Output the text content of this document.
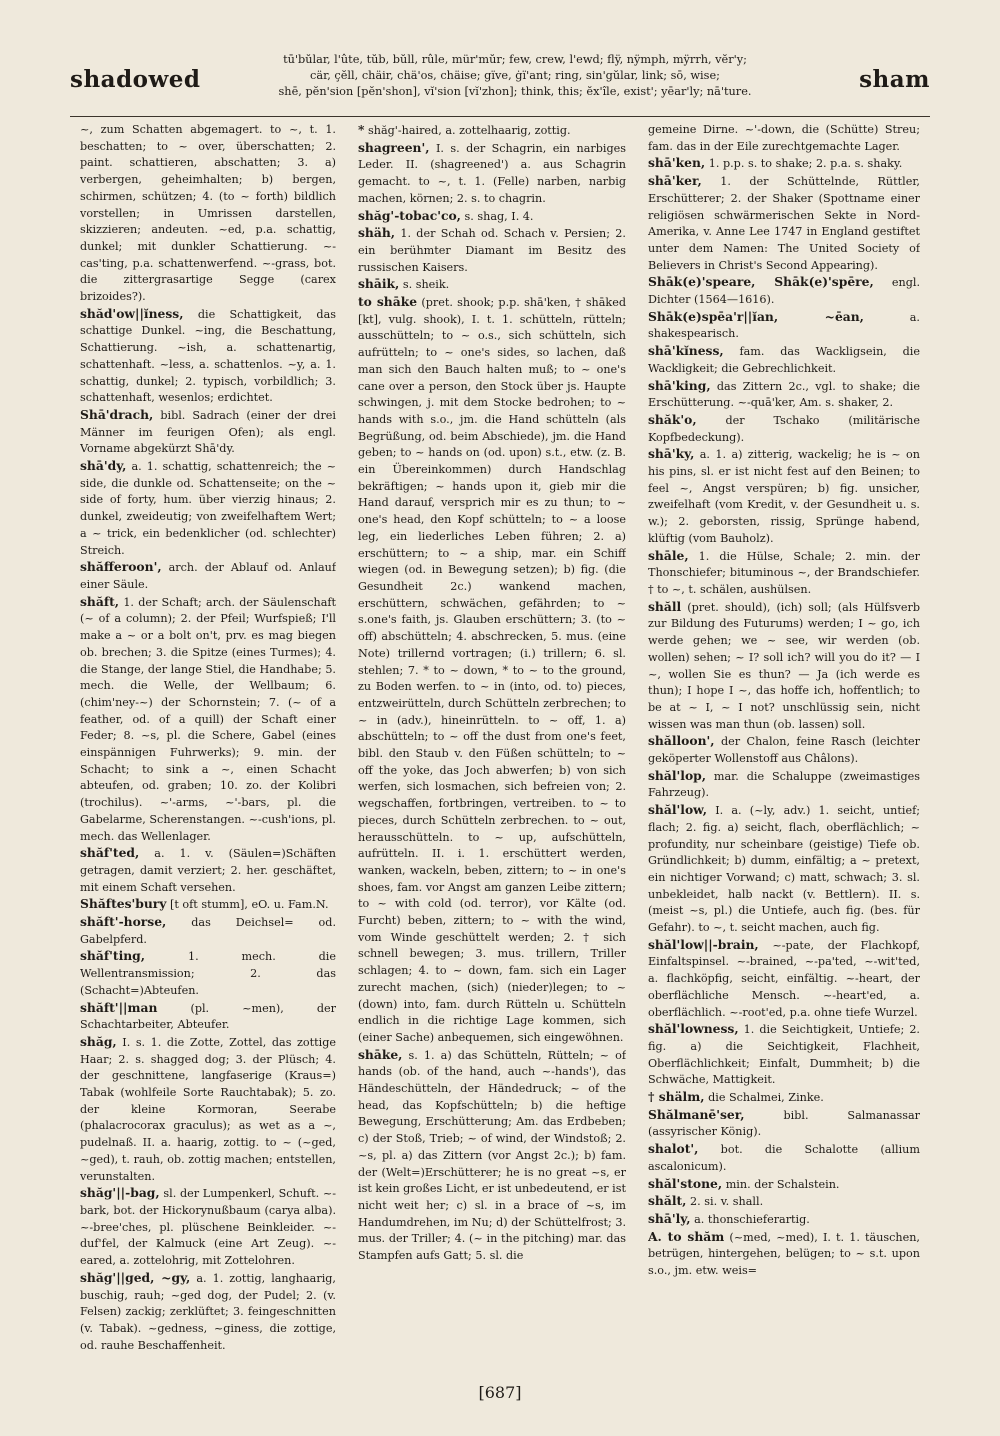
shadowed
tū'bŭlar, l'ûte, tŭb, bŭll, rûle, mür'mŭr; few, crew, l'ewd; flÿ, nÿmph, mÿrrh, vĕr'y;
cär, çĕll, chäir, chä'os, chäise; gïve, ġï'ant; ring, sin'gŭlar, link; sō, wise;
shē, pĕn'sion [pĕn'shon], vĭ'sion [vĭ'zhon]; think, this; ĕx'île, exist'; yēar'ly; nā'ture.	sham

~, zum Schatten abgemagert. to ~, t. 1. beschatten; to ~ over, überschatten; 2. paint. schattieren, abschatten; 3. a) verbergen, geheimhalten; b) bergen, schirmen, schützen; 4. (to ~ forth) bildlich vorstellen; in Umrissen darstellen, skizzieren; andeuten. ~ed, p.a. schattig, dunkel; mit dunkler Schattierung. ~-cas'ting, p.a. schattenwerfend. ~-grass, bot. die zittergrasartige Segge (carex brizoides?).

shăd'ow||ĭness, die Schattigkeit, das schattige Dunkel. ~ing, die Beschattung, Schattierung. ~ish, a. schattenartig, schattenhaft. ~less, a. schattenlos. ~y, a. 1. schattig, dunkel; 2. typisch, vorbildlich; 3. schattenhaft, wesenlos; erdichtet.

Shā'drach, bibl. Sadrach (einer der drei Männer im feurigen Ofen); als engl. Vorname abgekürzt Shā'dy.

shā'dy, a. 1. schattig, schattenreich; the ~ side, die dunkle od. Schattenseite; on the ~ side of forty, hum. über vierzig hinaus; 2. dunkel, zweideutig; von zweifelhaftem Wert; a ~ trick, ein bedenklicher (od. schlechter) Streich.

shăfferoon', arch. der Ablauf od. Anlauf einer Säule.

shăft, 1. der Schaft; arch. der Säulenschaft (~ of a column); 2. der Pfeil; Wurfspieß; I'll make a ~ or a bolt on't, prv. es mag biegen ob. brechen; 3. die Spitze (eines Turmes); 4. die Stange, der lange Stiel, die Handhabe; 5. mech. die Welle, der Wellbaum; 6. (chim'ney-~) der Schornstein; 7. (~ of a feather, od. of a quill) der Schaft einer Feder; 8. ~s, pl. die Schere, Gabel (eines einspännigen Fuhrwerks); 9. min. der Schacht; to sink a ~, einen Schacht abteufen, od. graben; 10. zo. der Kolibri (trochilus). ~'-arms, ~'-bars, pl. die Gabelarme, Scherenstangen. ~-cush'ions, pl. mech. das Wellenlager.

shăf'ted, a. 1. v. (Säulen=)Schäften getragen, damit verziert; 2. her. geschäftet, mit einem Schaft versehen.

Shăftes'bury [t oft stumm], eO. u. Fam.N.

shăft'-horse, das Deichsel= od. Gabelpferd.

shăf'ting,	1. mech. die Wellentransmission; 2. das (Schacht=)Abteufen.

shăft'||man	(pl. ~men), der Schachtarbeiter, Abteufer.

shăg, I. s. 1. die Zotte, Zottel, das zottige Haar; 2. s. shagged dog; 3. der Plüsch; 4. der geschnittene, langfaserige (Kraus=) Tabak (wohlfeile Sorte Rauchtabak); 5. zo. der kleine Kormoran, Seerabe (phalacrocorax graculus); as wet as a ~, pudelnaß. II. a. haarig, zottig. to ~ (~ged, ~ged), t. rauh, ob. zottig machen; entstellen, verunstalten.

shăg'||-bag, sl. der Lumpenkerl, Schuft. ~-bark, bot. der Hickorynußbaum (carya alba). ~-bree'ches, pl. plüschene Beinkleider. ~-duf'fel, der Kalmuck (eine Art Zeug). ~-eared, a. zottelohrig, mit Zottelohren.

shăg'||ged, ~gy, a. 1. zottig, langhaarig, buschig, rauh; ~ged dog, der Pudel; 2. (v. Felsen) zackig; zerklüftet; 3. feingeschnitten (v. Tabak). ~gedness, ~giness, die zottige, od. rauhe Beschaffenheit.

* shăg'-haired, a. zottelhaarig, zottig.

shagreen', I. s. der Schagrin, ein narbiges Leder. II. (shagreened') a. aus Schagrin gemacht. to ~, t. 1. (Felle) narben, narbig machen, körnen; 2. s. to chagrin.

shăg'-tobac'co, s. shag, I. 4.

shäh, 1. der Schah od. Schach v. Persien; 2. ein berühmter Diamant im Besitz des russischen Kaisers.

shāik, s. sheik.

to shāke (pret. shook; p.p. shā'ken, † shāked [kt], vulg. shook), I. t. 1. schütteln, rütteln; ausschütteln; to ~ o.s., sich schütteln, sich aufrütteln; to ~ one's sides, so lachen, daß man sich den Bauch halten muß; to ~ one's cane over a person, den Stock über js. Haupte schwingen, j. mit dem Stocke bedrohen; to ~ hands with s.o., jm. die Hand schütteln (als Begrüßung, od. beim Abschiede), jm. die Hand geben; to ~ hands on (od. upon) s.t., etw. (z. B. ein Übereinkommen) durch Handschlag bekräftigen; ~ hands upon it, gieb mir die Hand darauf, versprich mir es zu thun; to ~ one's head, den Kopf schütteln; to ~ a loose leg, ein liederliches Leben führen; 2. a) erschüttern; to ~ a ship, mar. ein Schiff wiegen (od. in Bewegung setzen); b) fig. (die Gesundheit 2c.) wankend machen, erschüttern, schwächen, gefährden; to ~ s.one's faith, js. Glauben erschüttern; 3. (to ~ off) abschütteln; 4. abschrecken, 5. mus. (eine Note) trillernd vortragen; (i.) trillern; 6. sl. stehlen; 7. * to ~ down, * to ~ to the ground, zu Boden werfen. to ~ in (into, od. to) pieces, entzweirütteln, durch Schütteln zerbrechen; to ~ in (adv.), hineinrütteln. to ~ off, 1. a) abschütteln; to ~ off the dust from one's feet, bibl. den Staub v. den Füßen schütteln; to ~ off the yoke, das Joch abwerfen; b) von sich werfen, sich losmachen, sich befreien von; 2. wegschaffen, fortbringen, vertreiben. to ~ to pieces, durch Schütteln zerbrechen. to ~ out, herausschütteln. to ~ up, aufschütteln, aufrütteln. II. i. 1. erschüttert werden, wanken, wackeln, beben, zittern; to ~ in one's shoes, fam. vor Angst am ganzen Leibe zittern; to ~ with cold (od. terror), vor Kälte (od. Furcht) beben, zittern; to ~ with the wind, vom Winde geschüttelt werden; 2. † sich schnell bewegen; 3. mus. trillern, Triller schlagen; 4. to ~ down, fam. sich ein Lager zurecht machen, (sich) (nieder)legen; to ~ (down) into, fam. durch Rütteln u. Schütteln endlich in die richtige Lage kommen, sich (einer Sache) anbequemen, sich eingewöhnen.

shāke, s. 1. a) das Schütteln, Rütteln; ~ of hands (ob. of the hand, auch ~-hands'), das Händeschütteln, der Händedruck; ~ of the head, das Kopfschütteln; b) die heftige Bewegung, Erschütterung; Am. das Erdbeben; c) der Stoß, Trieb; ~ of wind, der Windstoß; 2. ~s, pl. a) das Zittern (vor Angst 2c.); b) fam. der (Welt=)Erschütterer; he is no great ~s, er ist kein großes Licht, er ist unbedeutend, er ist nicht weit her; c) sl. in a brace of ~s, im Handumdrehen, im Nu; d) der Schüttelfrost; 3. mus. der Triller; 4. (~ in the pitching) mar. das Stampfen aufs Gatt; 5. sl. die

gemeine Dirne. ~'-down, die (Schütte) Streu; fam. das in der Eile zurechtgemachte Lager.

shā'ken, 1. p.p. s. to shake; 2. p.a. s. shaky.

shā'ker, 1. der Schüttelnde, Rüttler, Erschütterer; 2. der Shaker (Spottname einer religiösen schwärmerischen Sekte in Nord-Amerika, v. Anne Lee 1747 in England gestiftet unter dem Namen: The United Society of Believers in Christ's Second Appearing).

Shāk(e)'speare, Shāk(e)'spēre, engl. Dichter (1564—1616).

Shāk(e)spēa'r||ĭan, ~ēan,	a. shakespearisch.

shā'kĭness, fam. das Wackligsein, die Wackligkeit; die Gebrechlichkeit.

shā'king, das Zittern 2c., vgl. to shake; die Erschütterung. ~-quā'ker, Am. s. shaker, 2.

shăk'o,	der Tschako (militärische Kopfbedeckung).

shā'ky, a. 1. a) zitterig, wackelig; he is ~ on his pins, sl. er ist nicht fest auf den Beinen; to feel ~, Angst verspüren; b) fig. unsicher, zweifelhaft (vom Kredit, v. der Gesundheit u. s. w.); 2. geborsten, rissig, Sprünge habend, klüftig (vom Bauholz).

shāle, 1. die Hülse, Schale; 2. min. der Thonschiefer; bituminous ~, der Brandschiefer. † to ~, t. schälen, aushülsen.

shăll (pret. should), (ich) soll; (als Hülfsverb zur Bildung des Futurums) werden; I ~ go, ich werde gehen; we ~ see, wir werden (ob. wollen) sehen; ~ I? soll ich? will you do it? — I ~, wollen Sie es thun? — Ja (ich werde es thun); I hope I ~, das hoffe ich, hoffentlich; to be at ~ I, ~ I not? unschlüssig sein, nicht wissen was man thun (ob. lassen) soll.

shălloon', der Chalon, feine Rasch (leichter geköperter Wollenstoff aus Châlons).

shăl'lop, mar. die Schaluppe (zweimastiges Fahrzeug).

shăl'low, I. a. (~ly, adv.) 1. seicht, untief; flach; 2. fig. a) seicht, flach, oberflächlich; ~ profundity, nur scheinbare (geistige) Tiefe ob. Gründlichkeit; b) dumm, einfältig; a ~ pretext, ein nichtiger Vorwand; c) matt, schwach; 3. sl. unbekleidet, halb nackt (v. Bettlern). II. s. (meist ~s, pl.) die Untiefe, auch fig. (bes. für Gefahr). to ~, t. seicht machen, auch fig.

shăl'low||-brain, ~-pate, der Flachkopf, Einfaltspinsel. ~-brained, ~-pa'ted, ~-wit'ted, a. flachköpfig, seicht, einfältig. ~-heart, der oberflächliche Mensch. ~-heart'ed, a. oberflächlich. ~-root'ed, p.a. ohne tiefe Wurzel.

shăl'lowness, 1. die Seichtigkeit, Untiefe; 2. fig. a) die Seichtigkeit, Flachheit, Oberflächlichkeit; Einfalt, Dummheit; b) die Schwäche, Mattigkeit.

† shälm, die Schalmei, Zinke.

Shălmanē'ser,	bibl. Salmanassar (assyrischer König).

shalot', bot. die Schalotte (allium ascalonicum).

shăl'stone, min. der Schalstein.

shălt, 2. si. v. shall.

shā'ly, a. thonschieferartig.

A. to shăm (~med, ~med), I. t. 1. täuschen, betrügen, hintergehen, belügen; to ~ s.t. upon s.o., jm. etw. weis=

[687]
